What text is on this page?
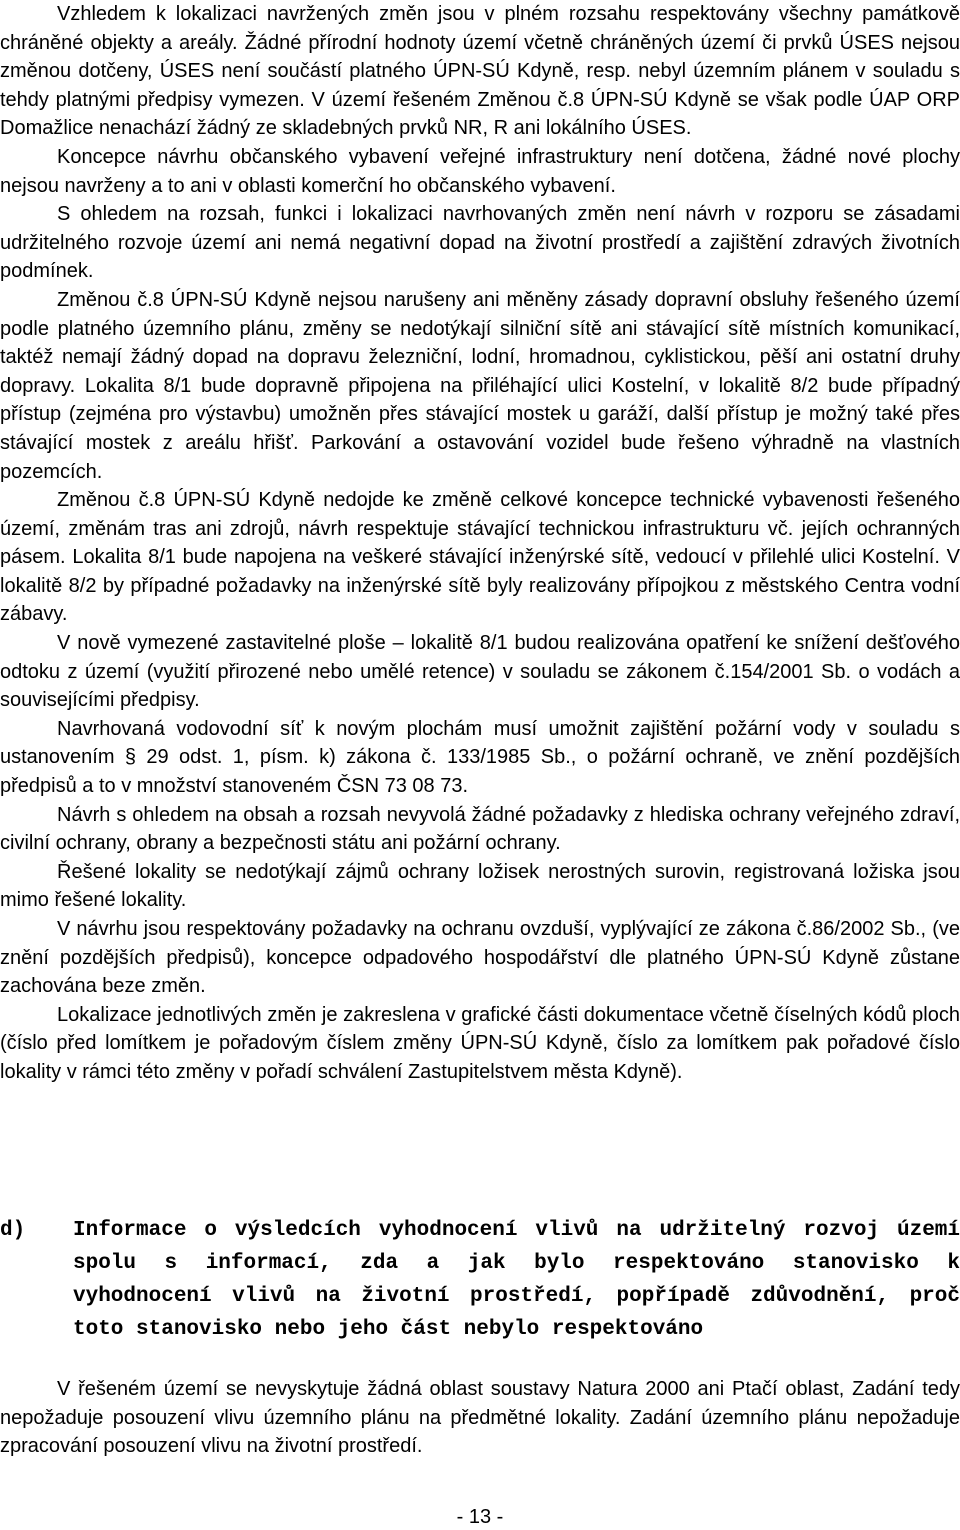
Vzhledem k lokalizaci navržených změn jsou v plném rozsahu respektovány všechny památkově chráněné objekty a areály. Žádné přírodní hodnoty území včetně chráněných území či prvků ÚSES nejsou změnou dotčeny, ÚSES není součástí platného ÚPN-SÚ Kdyně, resp. nebyl územním plánem v souladu s tehdy platnými předpisy vymezen. V území řešeném Změnou č.8 ÚPN-SÚ Kdyně se však podle ÚAP ORP Domažlice nenachází žádný ze skladebných prvků NR, R ani lokálního ÚSES.

Koncepce návrhu občanského vybavení veřejné infrastruktury není dotčena, žádné nové plochy nejsou navrženy a to ani v oblasti komerční ho občanského vybavení.

S ohledem na rozsah, funkci i lokalizaci navrhovaných změn není návrh v rozporu se zásadami udržitelného rozvoje území ani nemá negativní dopad na životní prostředí a zajištění zdravých životních podmínek.

Změnou č.8 ÚPN-SÚ Kdyně nejsou narušeny ani měněny zásady dopravní obsluhy řešeného území podle platného územního plánu, změny se nedotýkají silniční sítě ani stávající sítě místních komunikací, taktéž nemají žádný dopad na dopravu železniční, lodní, hromadnou, cyklistickou, pěší ani ostatní druhy dopravy. Lokalita 8/1 bude dopravně připojena na přiléhající ulici Kostelní, v lokalitě 8/2 bude případný přístup (zejména pro výstavbu) umožněn přes stávající mostek u garáží, další přístup je možný také přes stávající mostek z areálu hřišť. Parkování a ostavování vozidel bude řešeno výhradně na vlastních pozemcích.

Změnou č.8 ÚPN-SÚ Kdyně nedojde ke změně celkové koncepce technické vybavenosti řešeného území, změnám tras ani zdrojů, návrh respektuje stávající technickou infrastrukturu vč. jejích ochranných pásem. Lokalita 8/1 bude napojena na veškeré stávající inženýrské sítě, vedoucí v přilehlé ulici Kostelní. V lokalitě 8/2 by případné požadavky na inženýrské sítě byly realizovány přípojkou z městského Centra vodní zábavy.

V nově vymezené zastavitelné ploše – lokalitě 8/1 budou realizována opatření ke snížení dešťového odtoku z území (využití přirozené nebo umělé retence) v souladu se zákonem č.154/2001 Sb. o vodách a souvisejícími předpisy.

Navrhovaná vodovodní síť k novým plochám musí umožnit zajištění požární vody v souladu s ustanovením § 29 odst. 1, písm. k) zákona č. 133/1985 Sb., o požární ochraně, ve znění pozdějších předpisů a to v množství stanoveném ČSN 73 08 73.

Návrh s ohledem na obsah a rozsah nevyvolá žádné požadavky z hlediska ochrany veřejného zdraví, civilní ochrany, obrany a bezpečnosti státu ani požární ochrany.

Řešené lokality se nedotýkají zájmů ochrany ložisek nerostných surovin, registrovaná ložiska jsou mimo řešené lokality.

V návrhu jsou respektovány požadavky na ochranu ovzduší, vyplývající ze zákona č.86/2002 Sb., (ve znění pozdějších předpisů), koncepce odpadového hospodářství dle platného ÚPN-SÚ Kdyně zůstane zachována beze změn.

Lokalizace jednotlivých změn je zakreslena v grafické části dokumentace včetně číselných kódů ploch (číslo před lomítkem je pořadovým číslem změny ÚPN-SÚ Kdyně, číslo za lomítkem pak pořadové číslo lokality v rámci této změny v pořadí schválení Zastupitelstvem města Kdyně).

d)	Informace o výsledcích vyhodnocení vlivů na udržitelný rozvoj území spolu s informací, zda a jak bylo respektováno stanovisko k vyhodnocení vlivů na životní prostředí, popřípadě zdůvodnění, proč toto stanovisko nebo jeho část nebylo respektováno

V řešeném území se nevyskytuje žádná oblast soustavy Natura 2000 ani Ptačí oblast, Zadání tedy nepožaduje posouzení vlivu územního plánu na předmětné lokality. Zadání územního plánu nepožaduje zpracování posouzení vlivu na životní prostředí.

- 13 -
